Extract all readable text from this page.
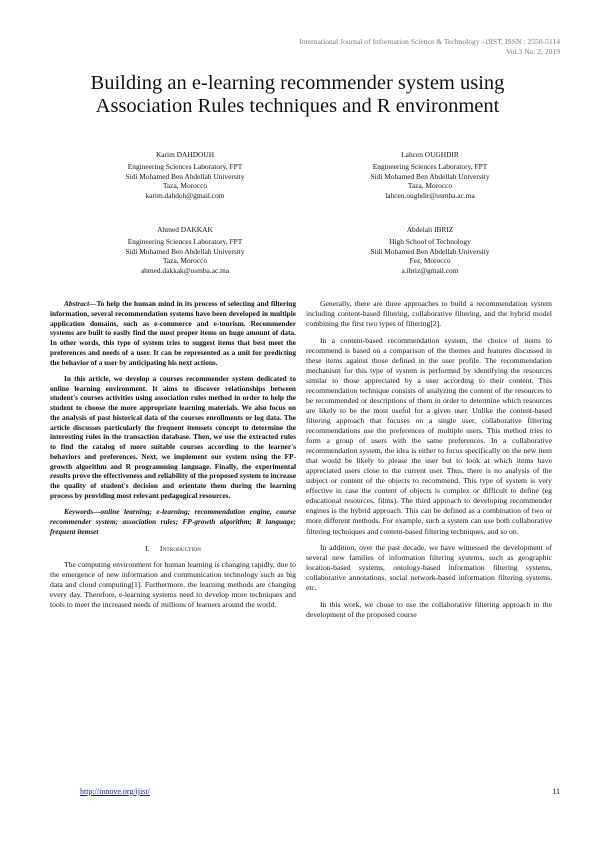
International Journal of Information Science & Technology –iJIST, ISSN : 2550-5114
Vol.3 No. 2, 2019
Building an e-learning recommender system using
Association Rules techniques and R environment
Karim DAHDOUH
Engineering Sciences Laboratory, FPT
Sidi Mohamed Ben Abdellah University
Taza, Morocco
karim.dahdoh@gmail.com
Lahcen OUGHDIR
Engineering Sciences Laboratory, FPT
Sidi Mohamed Ben Abdellah University
Taza, Morocco
lahcen.oughdir@usmba.ac.ma
Ahmed DAKKAK
Engineering Sciences Laboratory, FPT
Sidi Mohamed Ben Abdellah University
Taza, Morocco
ahmed.dakkak@usmba.ac.ma
Abdelali IBRIZ
High School of Technology
Sidi Mohamed Ben Abdellah University
Fez, Morocco
a.ibriz@gmail.com

Abstract—To help the human mind in its process of selecting and filtering information, several recommendation systems have been developed in multiple application domains, such as e-commerce and e-tourism. Recommender systems are built to easily find the most proper items on huge amount of data. In other words, this type of system tries to suggest items that best meet the preferences and needs of a user. It can be represented as a unit for predicting the behavior of a user by anticipating his next actions.

In this article, we develop a courses recommender system dedicated to online learning environment. It aims to discover relationships between student's courses activities using association rules method in order to help the student to choose the more appropriate learning materials. We also focus on the analysis of past historical data of the courses enrollments or log data. The article discusses particularly the frequent itemsets concept to determine the interesting rules in the transaction database. Then, we use the extracted rules to find the catalog of more suitable courses according to the learner's behaviors and preferences. Next, we implement our system using the FP-growth algorithm and R programming language. Finally, the experimental results prove the effectiveness and reliability of the proposed system to increase the quality of student's decision and orientate them during the learning process by providing most relevant pedagogical resources.

Keywords—online learning; e-learning; recommendation engine, course recommender system; association rules; FP-growth algorithm; R language; frequent itemset

I. Introduction

The computing environment for human learning is changing rapidly, due to the emergence of new information and communication technology such as big data and cloud computing[1]. Furthermore, the learning methods are changing every day. Therefore, e-learning systems need to develop more techniques and tools to meet the increased needs of millions of learners around the world.

Generally, there are three approaches to build a recommendation system including content-based filtering, collaborative filtering, and the hybrid model combining the first two types of filtering[2].

In a content-based recommendation system, the choice of items to recommend is based on a comparison of the themes and features discussed in these items against those defined in the user profile. The recommendation mechanism for this type of system is performed by identifying the resources similar to those appreciated by a user according to their content. This recommendation technique consists of analyzing the content of the resources to be recommended or descriptions of them in order to determine which resources are likely to be the most useful for a given user. Unlike the content-based filtering approach that focuses on a single user, collaborative filtering recommendations use the preferences of multiple users. This method tries to form a group of users with the same preferences. In a collaborative recommendation system, the idea is either to focus specifically on the new item that would be likely to please the user but to look at which items have appreciated users close to the current user. Thus, there is no analysis of the subject or content of the objects to recommend. This type of system is very effective in case the content of objects is complex or difficult to define (eg educational resources, films). The third approach to developing recommender engines is the hybrid approach. This can be defined as a combination of two or more different methods. For example, such a system can use both collaborative filtering techniques and content-based filtering techniques, and so on.

In addition, over the past decade, we have witnessed the development of several new families of information filtering systems, such as geographic location-based systems, ontology-based information filtering systems, collaborative annotations, social network-based information filtering systems, etc.

In this work, we chose to use the collaborative filtering approach in the development of the proposed course

http://innove.org/ijist/	11
